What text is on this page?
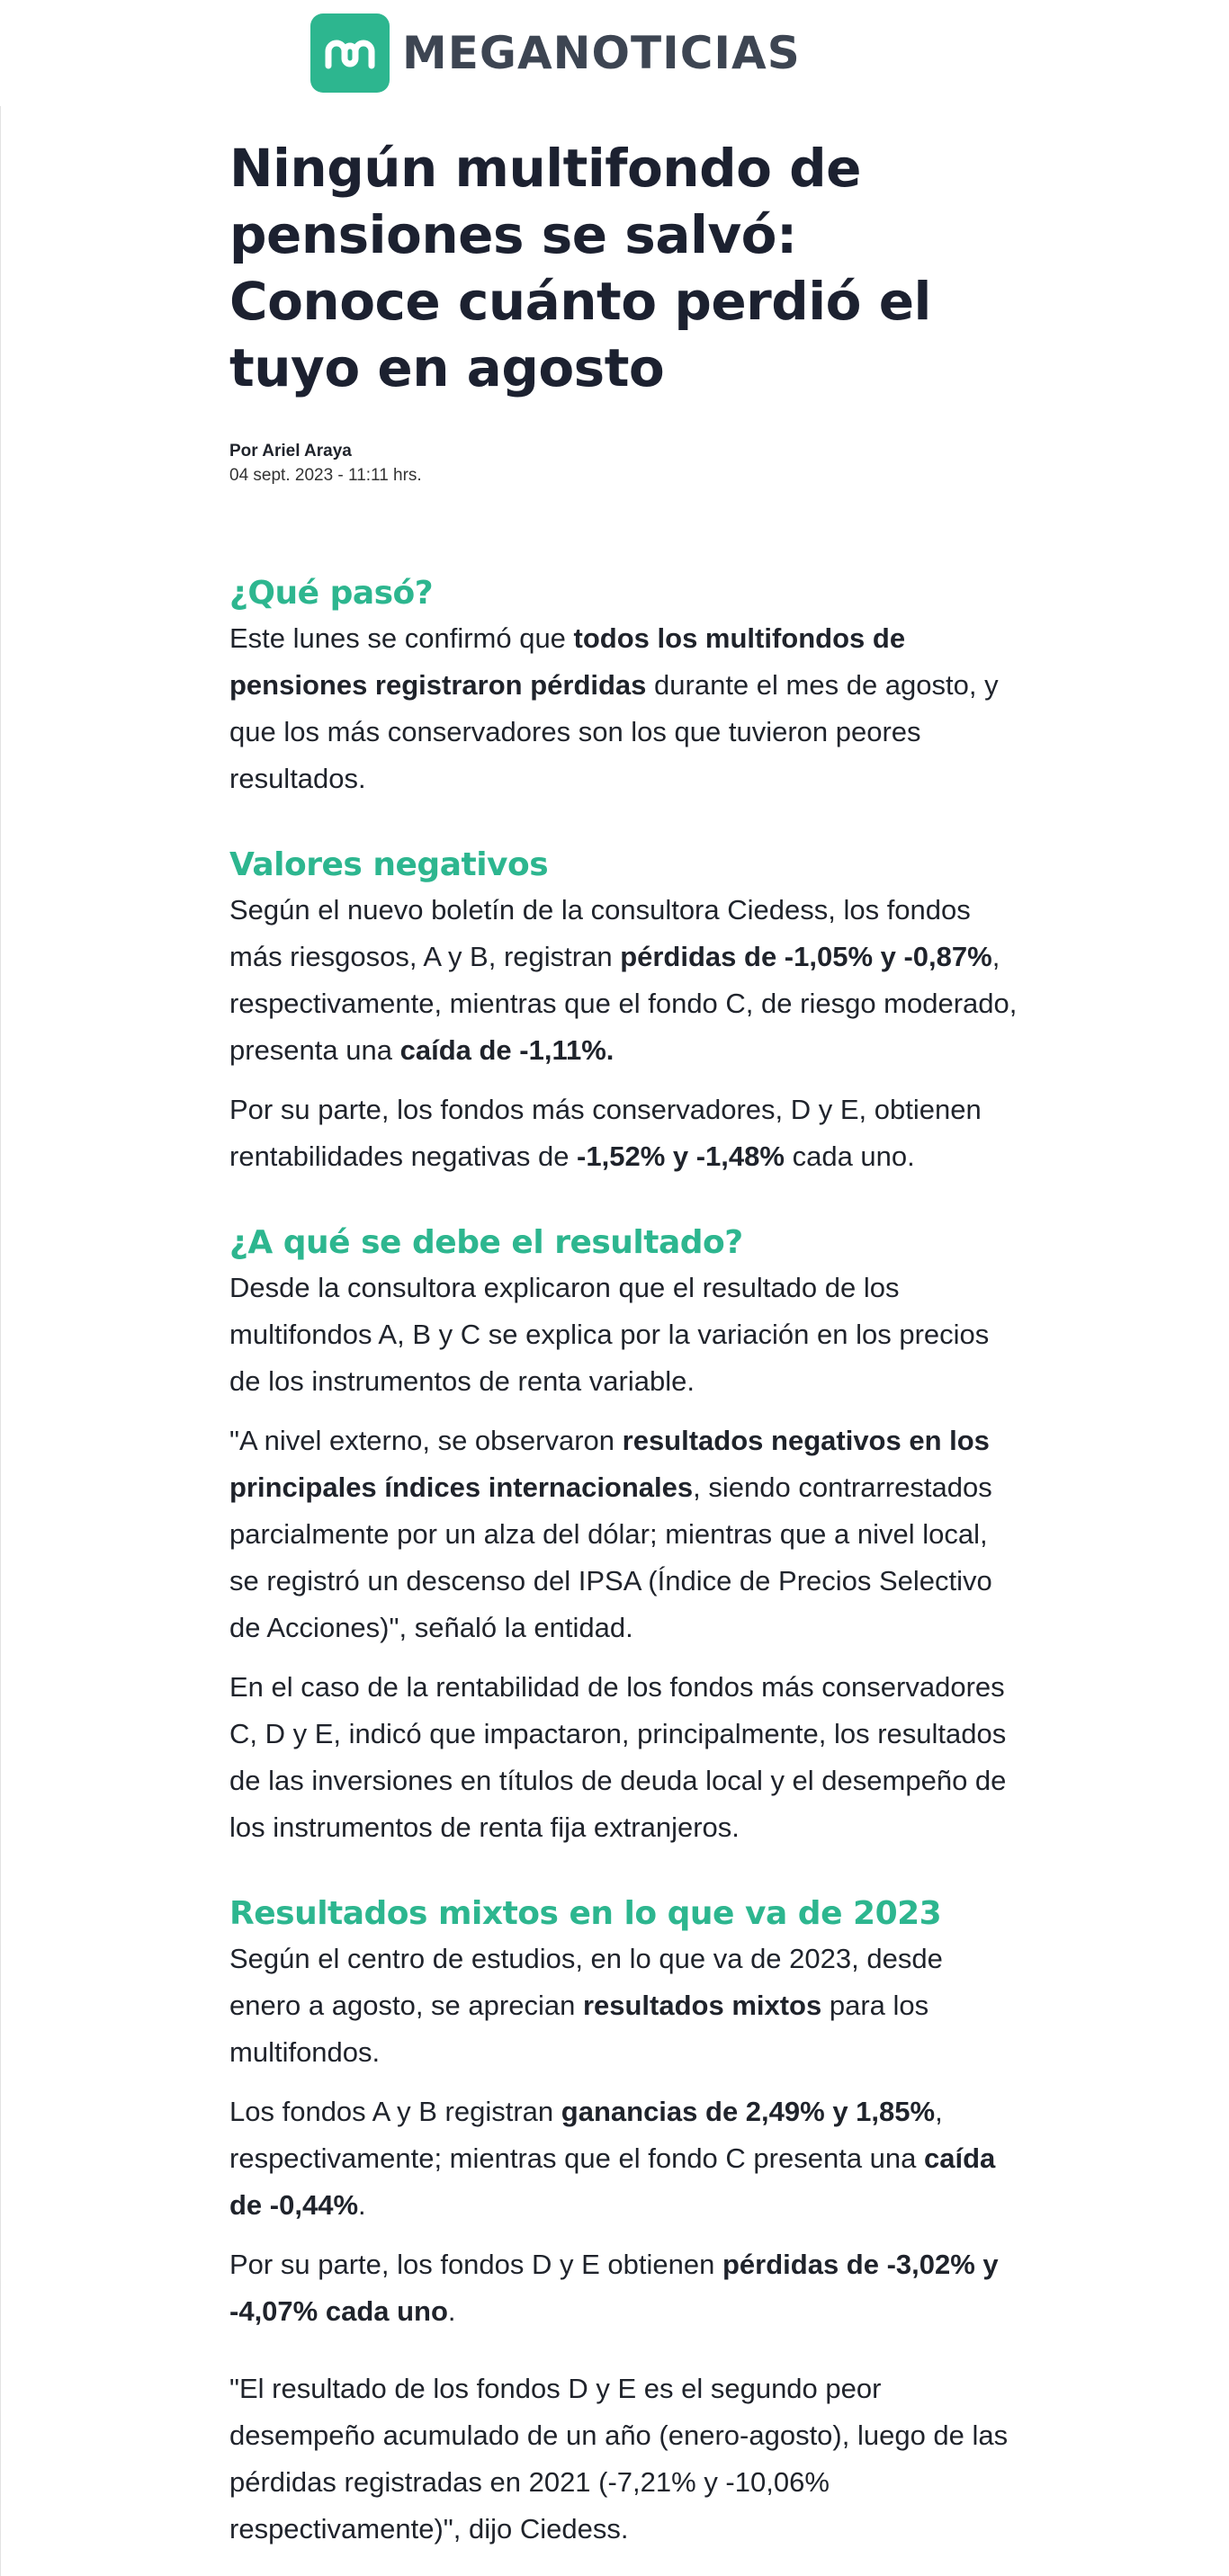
MEGANOTICIAS
Ningún multifondo de pensiones se salvó: Conoce cuánto perdió el tuyo en agosto
Por Ariel Araya
04 sept. 2023 - 11:11 hrs.
¿Qué pasó?

Este lunes se confirmó que todos los multifondos de pensiones registraron pérdidas durante el mes de agosto, y que los más conservadores son los que tuvieron peores resultados.

Valores negativos

Según el nuevo boletín de la consultora Ciedess, los fondos más riesgosos, A y B, registran pérdidas de -1,05% y -0,87%, respectivamente, mientras que el fondo C, de riesgo moderado, presenta una caída de -1,11%.

Por su parte, los fondos más conservadores, D y E, obtienen rentabilidades negativas de -1,52% y -1,48% cada uno.

¿A qué se debe el resultado?

Desde la consultora explicaron que el resultado de los multifondos A, B y C se explica por la variación en los precios de los instrumentos de renta variable.

"A nivel externo, se observaron resultados negativos en los principales índices internacionales, siendo contrarrestados parcialmente por un alza del dólar; mientras que a nivel local, se registró un descenso del IPSA (Índice de Precios Selectivo de Acciones)", señaló la entidad.

En el caso de la rentabilidad de los fondos más conservadores C, D y E, indicó que impactaron, principalmente, los resultados de las inversiones en títulos de deuda local y el desempeño de los instrumentos de renta fija extranjeros.

Resultados mixtos en lo que va de 2023

Según el centro de estudios, en lo que va de 2023, desde enero a agosto, se aprecian resultados mixtos para los multifondos.

Los fondos A y B registran ganancias de 2,49% y 1,85%, respectivamente; mientras que el fondo C presenta una caída de -0,44%.

Por su parte, los fondos D y E obtienen pérdidas de -3,02% y -4,07% cada uno.

"El resultado de los fondos D y E es el segundo peor desempeño acumulado de un año (enero-agosto), luego de las pérdidas registradas en 2021 (-7,21% y -10,06% respectivamente)", dijo Ciedess.
